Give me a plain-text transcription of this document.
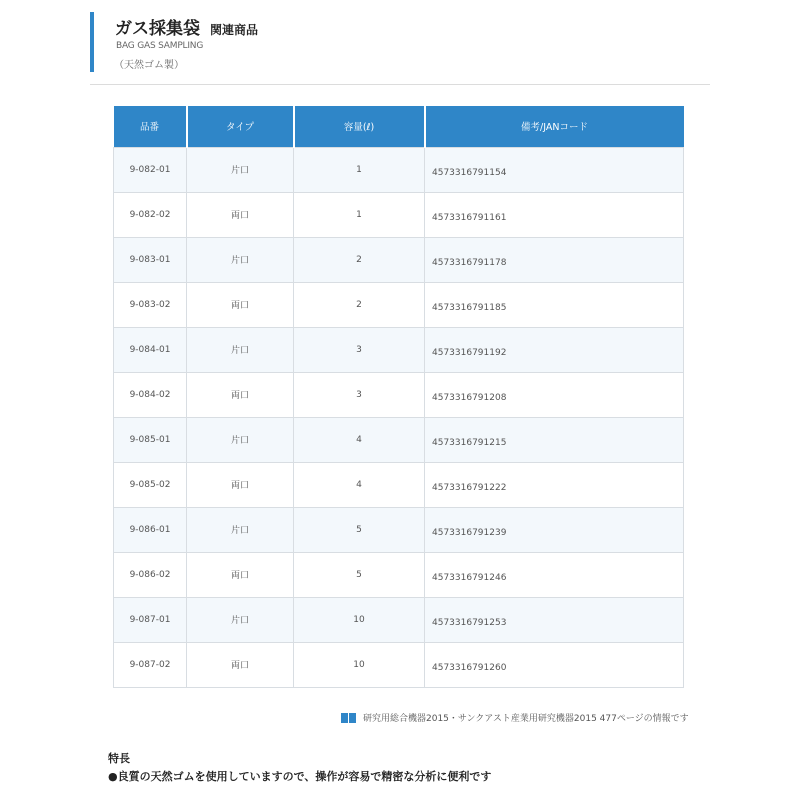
ガス採集袋 関連商品
BAG GAS SAMPLING
（天然ゴム製）
品番	タイプ	容量(ℓ)	備考/JANコード
9-082-01	片口	1	4573316791154
9-082-02	両口	1	4573316791161
9-083-01	片口	2	4573316791178
9-083-02	両口	2	4573316791185
9-084-01	片口	3	4573316791192
9-084-02	両口	3	4573316791208
9-085-01	片口	4	4573316791215
9-085-02	両口	4	4573316791222
9-086-01	片口	5	4573316791239
9-086-02	両口	5	4573316791246
9-087-01	片口	10	4573316791253
9-087-02	両口	10	4573316791260
研究用総合機器2015・サンクアスト産業用研究機器2015 477ページの情報です
特長
●良質の天然ゴムを使用していますので、操作が容易で精密な分析に便利です
